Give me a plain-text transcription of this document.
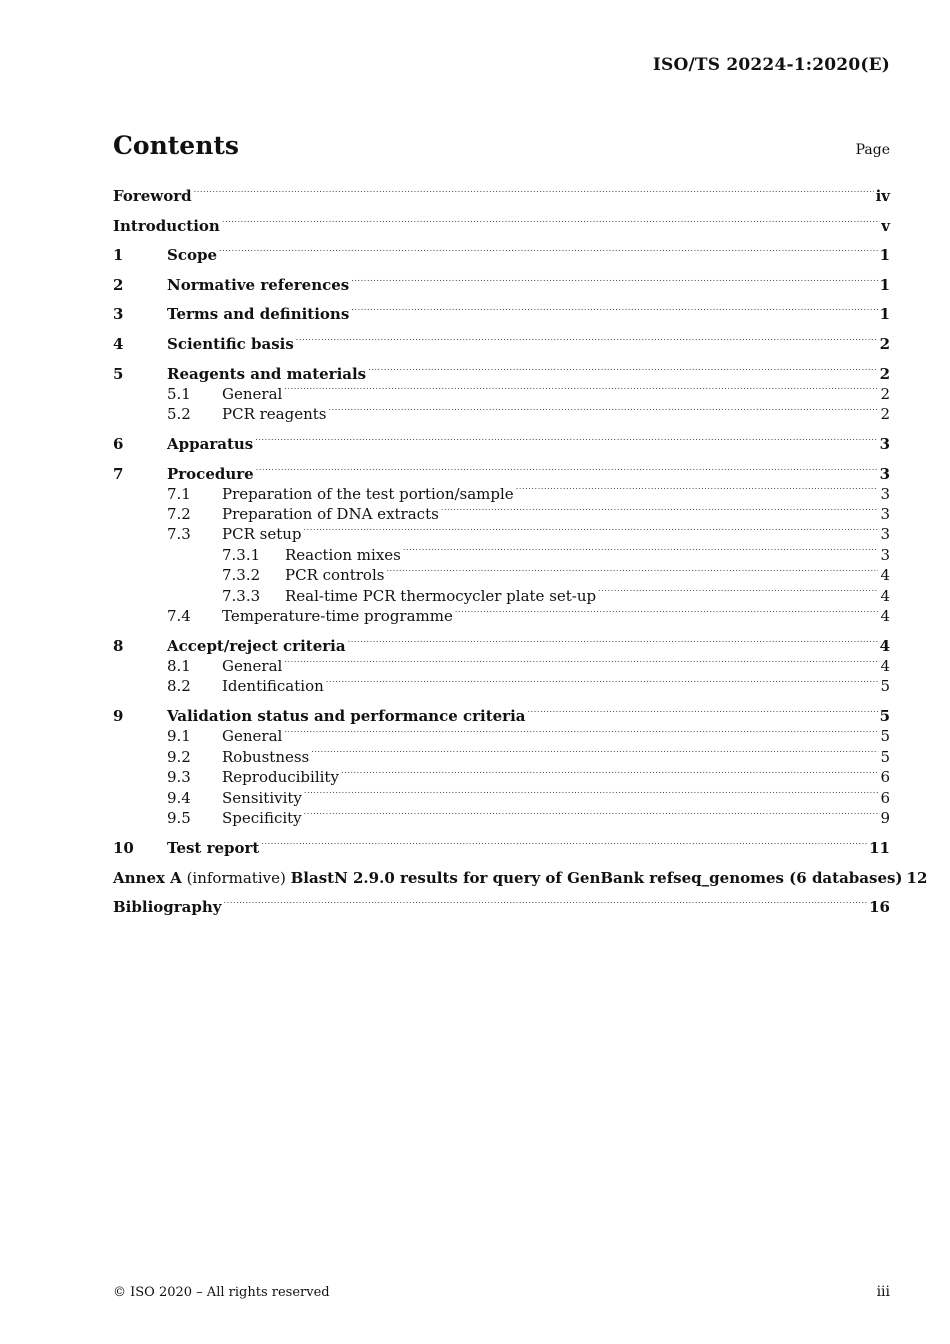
ISO/TS 20224-1:2020(E)
Contents	Page
Foreword .....	iv
Introduction .....	v
1	Scope .....	1
2	Normative references .....	1
3	Terms and definitions .....	1
4	Scientific basis .....	2
5	Reagents and materials .....	2
5.1	General .....	2
5.2	PCR reagents .....	2
6	Apparatus .....	3
7	Procedure .....	3
7.1	Preparation of the test portion/sample .....	3
7.2	Preparation of DNA extracts .....	3
7.3	PCR setup .....	3
7.3.1	Reaction mixes .....	3
7.3.2	PCR controls .....	4
7.3.3	Real-time PCR thermocycler plate set-up .....	4
7.4	Temperature-time programme .....	4
8	Accept/reject criteria .....	4
8.1	General .....	4
8.2	Identification .....	5
9	Validation status and performance criteria .....	5
9.1	General .....	5
9.2	Robustness .....	5
9.3	Reproducibility .....	6
9.4	Sensitivity .....	6
9.5	Specificity .....	9
10	Test report .....	11
Annex A (informative) BlastN 2.9.0 results for query of GenBank refseq_genomes (6 databases) 12
Bibliography .....	16
© ISO 2020 – All rights reserved	iii
